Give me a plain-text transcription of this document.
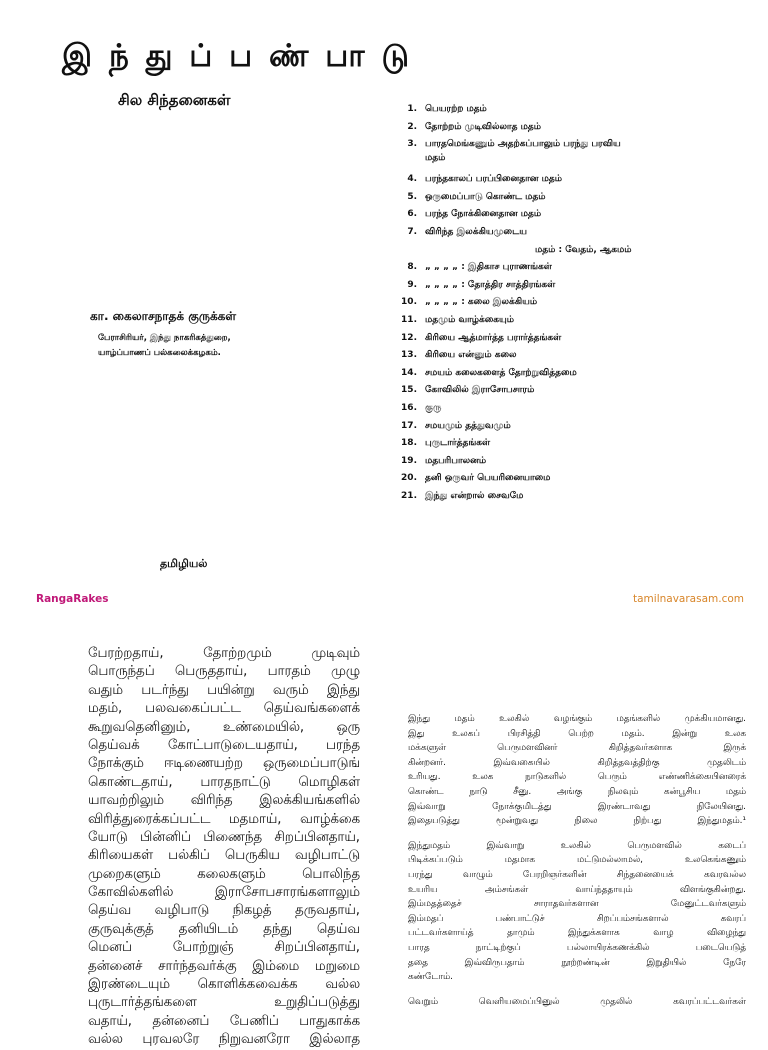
இ ந் து ப் ப ண் பா டு
சில சிந்தனைகள்
கா. கைலாசநாதக் குருக்கள்
பேராசிரியர், இந்து நாகரிகத்துறை,
யாழ்ப்பாணப் பல்கலைக்கழகம்.
1. பெயரற்ற மதம்
2. தோற்றம் முடிவில்லாத மதம்
3. பாரதமெங்கணும் அதற்கப்பாலும் பரந்து பரவிய
மதம்
4. பரந்தகாலப் பரப்பினைதான மதம்
5. ஒருமைப்பாடு கொண்ட மதம்
6. பரந்த நோக்கினைதான மதம்
7. விரிந்த இலக்கியமுடைய
மதம் : வேதம், ஆகமம்
8. „ „ „ „ : இதிகாச புராணங்கள்
9. „ „ „ „ : தோத்திர சாத்திரங்கள்
10. „ „ „ „ : கலை இலக்கியம்
11. மதமும் வாழ்க்கையும்
12. கிரியை ஆத்மார்த்த பரார்த்தங்கள்
13. கிரியை என்னும் கலை
14. சமயம் கலைகளைத் தோற்றுவித்தமை
15. கோவிலில் இராசோபசாரம்
16. குரு
17. சமயமும் தத்துவமும்
18. புருடார்த்தங்கள்
19. மதபரிபாலனம்
20. தனி ஒருவர் பெயரினையாமை
21. இந்து என்றால் சைவமே
தமிழியல்
RangaRakes	tamilnavarasam.com
பேரற்றதாய், தோற்றமும் முடிவும்
பொருந்தப் பெருததாய், பாரதம் முழு
வதும் படர்ந்து பயின்று வரும் இந்து
மதம், பலவகைப்பட்ட தெய்வங்களைக்
கூறுவதெனினும், உண்மையில், ஒரு
தெய்வக் கோட்பாடுடையதாய், பரந்த
நோக்கும் ஈடிணையற்ற ஒருமைப்பாடுங்
கொண்டதாய், பாரதநாட்டு மொழிகள்
யாவற்றிலும் விரிந்த இலக்கியங்களில்
விரித்துரைக்கப்பட்ட மதமாய், வாழ்க்கை
யோடு பின்னிப் பிணைந்த சிறப்பினதாய்,
கிரியைகள் பல்கிப் பெருகிய வழிபாட்டு
முறைகளும் கலைகளும் பொலிந்த
கோவில்களில் இராசோபசாரங்களாலும்
தெய்வ வழிபாடு நிகழத் தருவதாய்,
குருவுக்குத் தனியிடம் தந்து தெய்வ
மெனப் போற்றுஞ் சிறப்பினதாய்,
தன்னைச் சார்ந்தவர்க்கு இம்மை மறுமை
இரண்டையும் கொளிக்கவைக்க வல்ல
புருடார்த்தங்களை உறுதிப்படுத்து
வதாய், தன்னைப் பேணிப் பாதுகாக்க
வல்ல புரவலரே நிறுவனரோ இல்லாத
இந்து மதம் உலகில் வழங்கும் மதங்களில் முக்கியமானது.
இது உலகப் பிரசித்தி பெற்ற மதம். இன்று உலக
மக்களுள் பெருமளவினர் கிறித்தவர்களாக இருக்
கின்றனர். இவ்வகையில் கிறித்தவத்திற்கு முதலிடம்
உரியது. உலக நாடுகளில் பெரும் எண்ணிக்கையினரைக்
கொண்ட நாடு சீனு. அங்கு நிலவும் கன்பூசிய மதம்
இவ்வாறு நோக்குமிடத்து இரண்டாவது நிலேயினது.
இதையடுத்து மூன்றுவது நிலை நிற்பது இந்துமதம்.¹
இந்துமதம் இவ்வாறு உலகில் பெருமளவில் கடைப்
பிடிக்கப்படும் மதமாக மட்டுமல்லாமல், உலகெங்கணும்
பரந்து வாழும் பேரறிஞர்களின் சிந்தனையைக் கவரவல்ல
உயரிய அம்சங்கள் வாய்ந்ததாயும் விளங்குகின்றது.
இம்மதத்தைச் சாராதவர்களான மேனுட்டவர்களும்
இம்மதப் பண்பாட்டுச் சிறப்பம்சங்களால் கவரப்
பட்டவர்களாய்த் தாமும் இந்துக்களாக வாழ விழைந்து
பாரத நாட்டிற்குப் பல்லாயிரக்கணக்கில் படையெடுத்
ததை இவ்விருபதாம் நூற்றண்டின் இறுதியில் நேரே
கண்டோம்.
வெறும் வெளியமைப்பினுல் முதலில் கவரப்பட்டவர்கள்
